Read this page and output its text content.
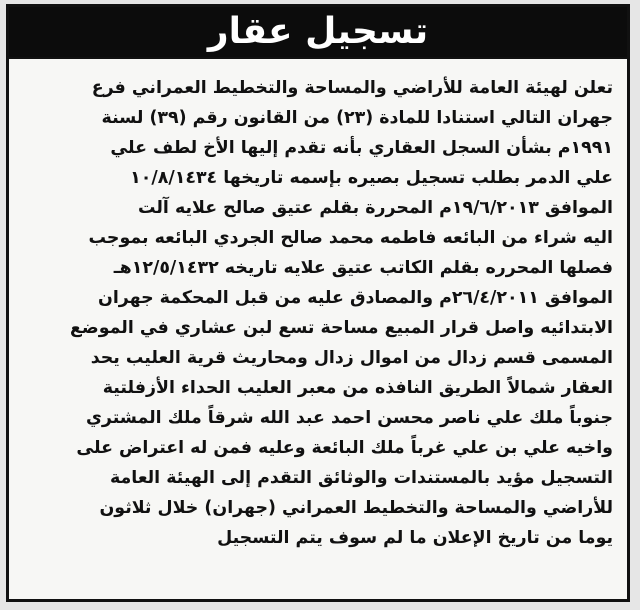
تسجيل عقار
تعلن لهيئة العامة للأراضي والمساحة والتخطيط العمراني فرع
جهران التالي استنادا للمادة (٢٣) من القانون رقم (٣٩) لسنة
١٩٩١م بشأن السجل العقاري بأنه تقدم إليها الأخ لطف علي
علي الدمر بطلب تسجيل بصيره بإسمه تاريخها ١٠/٨/١٤٣٤
الموافق ١٩/٦/٢٠١٣م المحررة بقلم عتيق صالح علايه آلت
اليه شراء من البائعه فاطمه محمد صالح الجردي البائعه بموجب
فصلها المحرره بقلم الكاتب عتيق علايه تاريخه ١٢/٥/١٤٣٢هـ
الموافق ٢٦/٤/٢٠١١م والمصادق عليه من قبل المحكمة جهران
الابتدائيه واصل قرار المبيع مساحة تسع لبن عشاري في الموضع
المسمى قسم زدال من اموال زدال ومحاريث قرية العليب يحد
العقار شمالاً الطريق النافذه من معبر العليب الحداء الأزفلتية
جنوباً ملك علي ناصر محسن احمد عبد الله شرقاً ملك المشتري
واخيه علي بن علي غرباً ملك البائعة وعليه فمن له اعتراض على
التسجيل مؤيد بالمستندات والوثائق التقدم إلى الهيئة العامة
للأراضي والمساحة والتخطيط العمراني (جهران) خلال ثلاثون
يوما من تاريخ الإعلان ما لم سوف يتم التسجيل
